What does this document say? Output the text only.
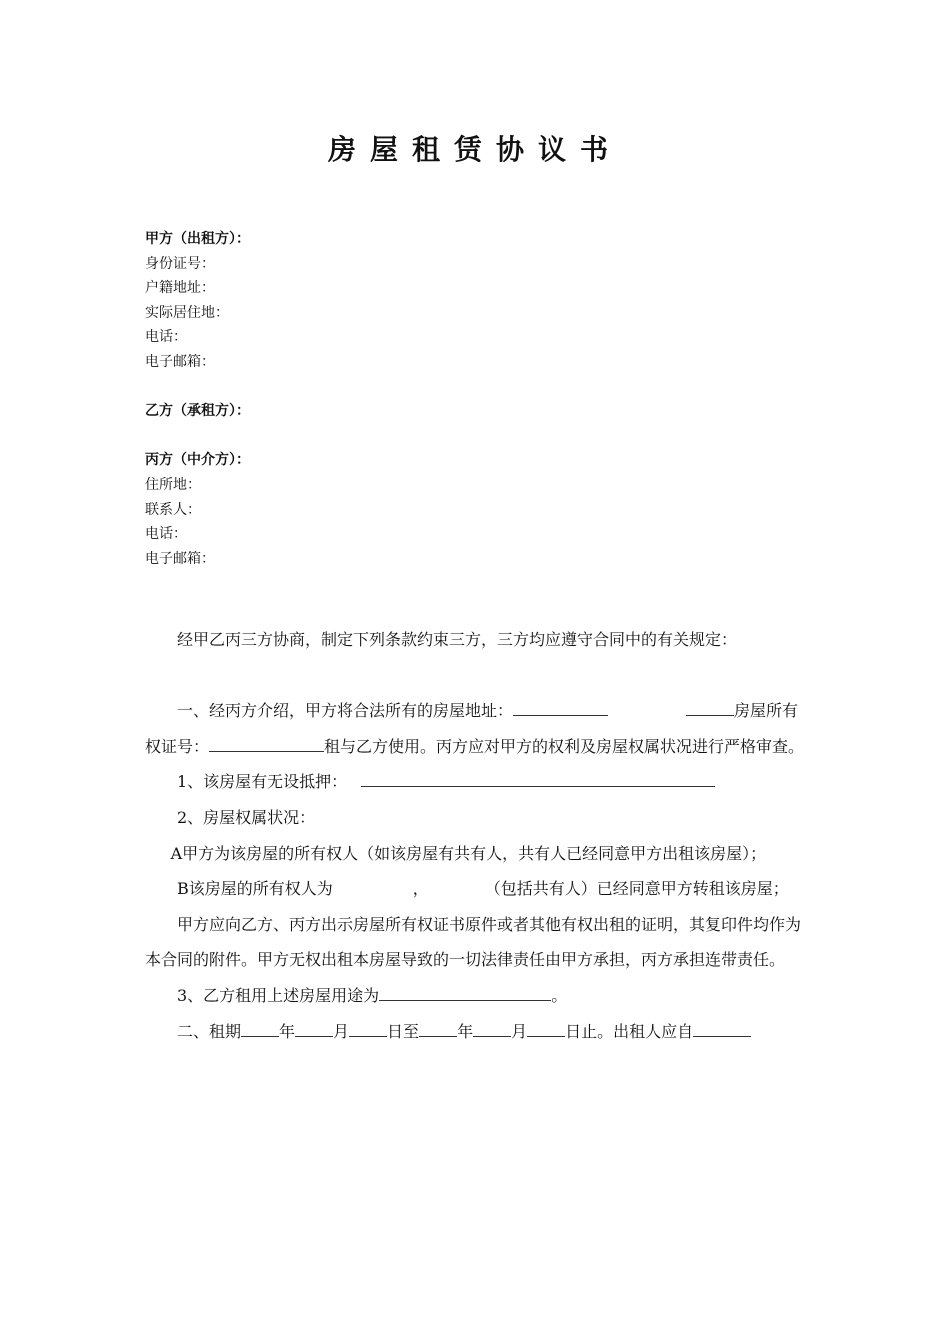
房屋租赁协议书
甲方（出租方）：
身份证号：
户籍地址：
实际居住地：
电话：
电子邮箱：
乙方（承租方）：
丙方（中介方）：
住所地：
联系人：
电话：
电子邮箱：

经甲乙丙三方协商，制定下列条款约束三方，三方均应遵守合同中的有关规定：

一、经丙方介绍，甲方将合法所有的房屋地址：	房屋所有权证号：	租与乙方使用。丙方应对甲方的权利及房屋权属状况进行严格审查。

1、该房屋有无设抵押：

2、房屋权属状况：

A甲方为该房屋的所有权人（如该房屋有共有人，共有人已经同意甲方出租该房屋）；

B该房屋的所有权人为	，	（包括共有人）已经同意甲方转租该房屋；

甲方应向乙方、丙方出示房屋所有权证书原件或者其他有权出租的证明，其复印件均作为本合同的附件。甲方无权出租本房屋导致的一切法律责任由甲方承担，丙方承担连带责任。

3、乙方租用上述房屋用途为	。

二、租期 年 月 日至 年 月 日止。出租人应自
